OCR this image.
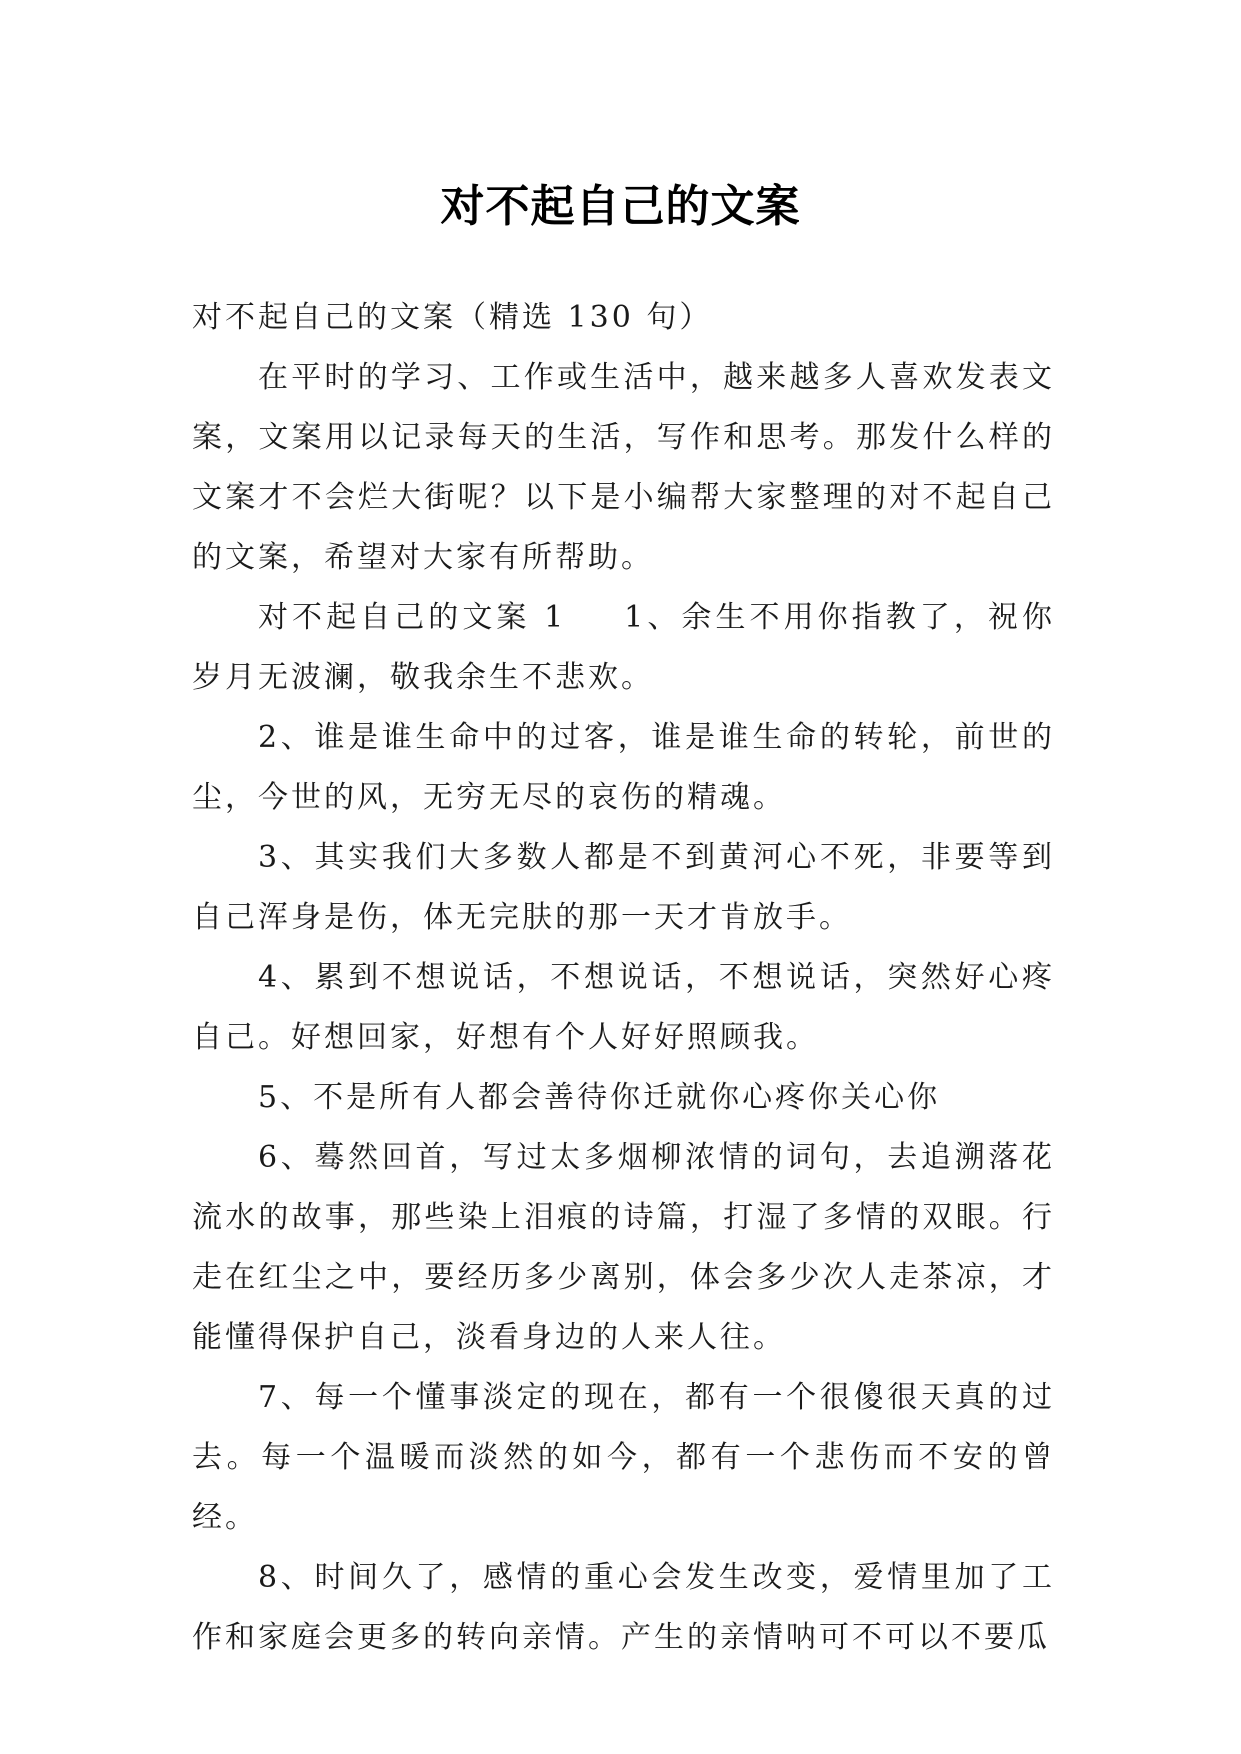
对不起自己的文案

对不起自己的文案（精选 130 句）

在平时的学习、工作或生活中，越来越多人喜欢发表文案，文案用以记录每天的生活，写作和思考。那发什么样的文案才不会烂大街呢？以下是小编帮大家整理的对不起自己的文案，希望对大家有所帮助。

对不起自己的文案 1 1、余生不用你指教了，祝你岁月无波澜，敬我余生不悲欢。

2、谁是谁生命中的过客，谁是谁生命的转轮，前世的尘，今世的风，无穷无尽的哀伤的精魂。

3、其实我们大多数人都是不到黄河心不死，非要等到自己浑身是伤，体无完肤的那一天才肯放手。

4、累到不想说话，不想说话，不想说话，突然好心疼自己。好想回家，好想有个人好好照顾我。

5、不是所有人都会善待你迁就你心疼你关心你

6、蓦然回首，写过太多烟柳浓情的词句，去追溯落花流水的故事，那些染上泪痕的诗篇，打湿了多情的双眼。行走在红尘之中，要经历多少离别，体会多少次人走茶凉，才能懂得保护自己，淡看身边的人来人往。

7、每一个懂事淡定的现在，都有一个很傻很天真的过去。每一个温暖而淡然的如今，都有一个悲伤而不安的曾经。

8、时间久了，感情的重心会发生改变，爱情里加了工作和家庭会更多的转向亲情。产生的亲情呐可不可以不要瓜
